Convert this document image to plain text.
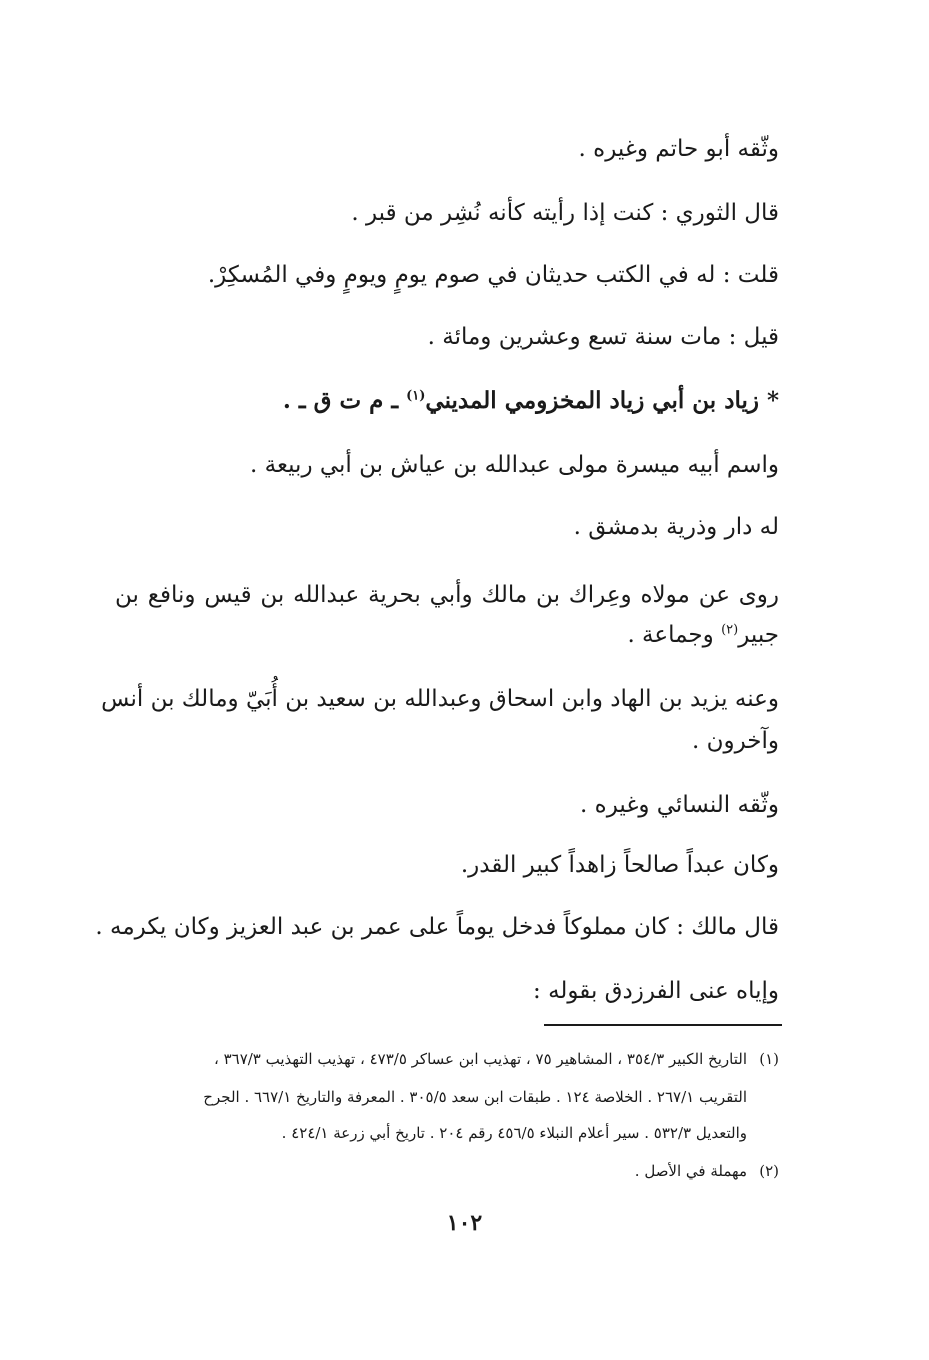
وثّقه أبو حاتم وغيره .
قال الثوري : كنت إذا رأيته كأنه نُشِر من قبر .
قلت : له في الكتب حديثان في صوم يومٍ ويومٍ وفي المُسكِرْ.
قيل : مات سنة تسع وعشرين ومائة .
* زياد بن أبي زياد المخزومي المديني$^{(١)}$ ـ م ت ق ـ .
واسم أبيه ميسرة مولى عبدالله بن عياش بن أبي ربيعة .
له دار وذرية بدمشق .
روى عن مولاه وعِراك بن مالك وأبي بحرية عبدالله بن قيس ونافع بن
جبير$^{(٢)}$ وجماعة .
وعنه يزيد بن الهاد وابن اسحاق وعبدالله بن سعيد بن أُبَيّ ومالك بن أنس
وآخرون .
وثّقه النسائي وغيره .
وكان عبداً صالحاً زاهداً كبير القدر.
قال مالك : كان مملوكاً فدخل يوماً على عمر بن عبد العزيز وكان يكرمه .
وإياه عنى الفرزدق بقوله :
(١)التاريخ الكبير ٣٥٤/٣ ، المشاهير ٧٥ ، تهذيب ابن عساكر ٤٧٣/٥ ، تهذيب التهذيب ٣٦٧/٣ ،
التقريب ٢٦٧/١ . الخلاصة ١٢٤ . طبقات ابن سعد ٣٠٥/٥ . المعرفة والتاريخ ٦٦٧/١ . الجرح
والتعديل ٥٣٢/٣ . سير أعلام النبلاء ٤٥٦/٥ رقم ٢٠٤ . تاريخ أبي زرعة ٤٢٤/١ .
(٢)مهملة في الأصل .
١٠٢
